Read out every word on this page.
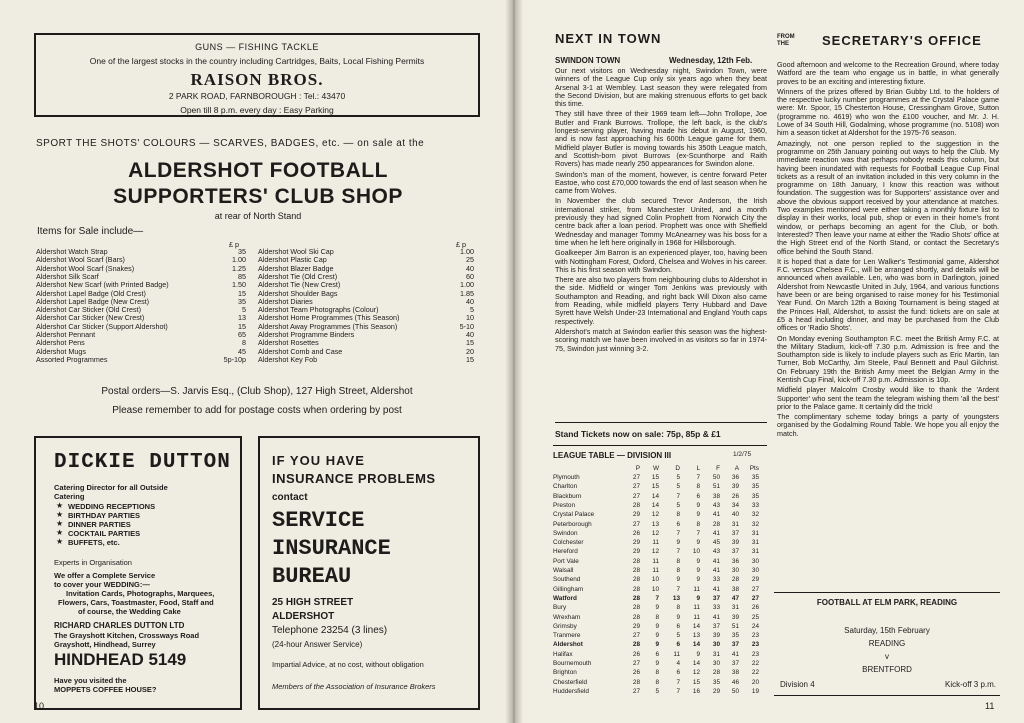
GUNS — FISHING TACKLE
One of the largest stocks in the country including Cartridges, Baits, Local Fishing Permits
RAISON BROS.
2 PARK ROAD, FARNBOROUGH : Tel.: 43470
Open till 8 p.m. every day : Easy Parking
SPORT THE SHOTS' COLOURS — SCARVES, BADGES, etc. — on sale at the
ALDERSHOT FOOTBALL
SUPPORTERS' CLUB SHOP
at rear of North Stand
Items for Sale include—
£ p	£ p
Aldershot Watch Strap	35
Aldershot Wool Scarf (Bars)	1.00
Aldershot Wool Scarf (Snakes)	1.25
Aldershot Silk Scarf	85
Aldershot New Scarf (with Printed Badge)	1.50
Aldershot Lapel Badge (Old Crest)	15
Aldershot Lapel Badge (New Crest)	35
Aldershot Car Sticker (Old Crest)	5
Aldershot Car Sticker (New Crest)	13
Aldershot Car Sticker (Support Aldershot)	15
Aldershot Pennant	65
Aldershot Pens	8
Aldershot Mugs	45
Assorted Programmes	5p-10p
Aldershot Wool Ski Cap	1.00
Aldershot Plastic Cap	25
Aldershot Blazer Badge	40
Aldershot Tie (Old Crest)	60
Aldershot Tie (New Crest)	1.00
Aldershot Shoulder Bags	1.85
Aldershot Diaries	40
Aldershot Team Photographs (Colour)	5
Aldershot Home Programmes (This Season)	10
Aldershot Away Programmes (This Season)	5-10
Aldershot Programme Binders	40
Aldershot Rosettes	15
Aldershot Comb and Case	20
Aldershot Key Fob	15
Postal orders—S. Jarvis Esq., (Club Shop), 127 High Street, Aldershot
Please remember to add for postage costs when ordering by post
DICKIE DUTTON
Catering Director for all Outside
Catering
★ WEDDING RECEPTIONS
★ BIRTHDAY PARTIES
★ DINNER PARTIES
★ COCKTAIL PARTIES
★ BUFFETS, etc.
Experts in Organisation
We offer a Complete Service
to cover your WEDDING:—
Invitation Cards, Photographs, Marquees,
Flowers, Cars, Toastmaster, Food, Staff and
of course, the Wedding Cake
RICHARD CHARLES DUTTON LTD
The Grayshott Kitchen, Crossways Road
Grayshott, Hindhead, Surrey
HINDHEAD 5149
Have you visited the
MOPPETS COFFEE HOUSE?
IF YOU HAVE
INSURANCE PROBLEMS
contact
SERVICE
INSURANCE
BUREAU
25 HIGH STREET
ALDERSHOT
Telephone 23254 (3 lines)
(24-hour Answer Service)
Impartial Advice, at no cost, without obligation
Members of the Association of Insurance Brokers
10
NEXT IN TOWN	FROM
THE	SECRETARY'S OFFICE
SWINDON TOWN	Wednesday, 12th Feb.

Our next visitors on Wednesday night, Swindon Town, were winners of the League Cup only six years ago when they beat Arsenal 3-1 at Wembley. Last season they were relegated from the Second Division, but are making strenuous efforts to get back this time.

They still have three of their 1969 team left—John Trollope, Joe Butler and Frank Burrows. Trollope, the left back, is the club's longest-serving player, having made his debut in August, 1960, and is now fast approaching his 600th League game for them. Midfield player Butler is moving towards his 350th League match, and Scottish-born pivot Burrows (ex-Scunthorpe and Raith Rovers) has made nearly 250 appearances for Swindon alone.

Swindon's man of the moment, however, is centre forward Peter Eastoe, who cost £70,000 towards the end of last season when he came from Wolves.

In November the club secured Trevor Anderson, the Irish international striker, from Manchester United, and a month previously they had signed Colin Prophett from Norwich City the centre back after a loan period. Prophett was once with Sheffield Wednesday and manager Tommy McAnearney was his boss for a time when he left here originally in 1968 for Hillsborough.

Goalkeeper Jim Barron is an experienced player, too, having been with Nottingham Forest, Oxford, Chelsea and Wolves in his career. This is his first season with Swindon.

There are also two players from neighbouring clubs to Aldershot in the side. Midfield or winger Tom Jenkins was previously with Southampton and Reading, and right back Will Dixon also came from Reading, while midfield players Terry Hubbard and Dave Syrett have Welsh Under-23 International and England Youth caps respectively.

Aldershot's match at Swindon earlier this season was the highest-scoring match we have been involved in as visitors so far in 1974-75, Swindon just winning 3-2.

Stand Tickets now on sale: 75p, 85p & £1
LEAGUE TABLE — DIVISION III	1/2/75
P	W	D	L	F	A	Pts
Plymouth	27	15	5	7	50	36	35
Charlton	27	15	5	8	51	39	35
Blackburn	27	14	7	6	38	26	35
Preston	28	14	5	9	43	34	33
Crystal Palace	29	12	8	9	41	40	32
Peterborough	27	13	6	8	28	31	32
Swindon	26	12	7	7	41	37	31
Colchester	29	11	9	9	45	39	31
Hereford	29	12	7	10	43	37	31
Port Vale	28	11	8	9	41	36	30
Walsall	28	11	8	9	41	30	30
Southend	28	10	9	9	33	28	29
Gillingham	28	10	7	11	41	38	27
Watford	28	7	13	9	37	47	27
Bury	28	9	8	11	33	31	26
Wrexham	28	8	9	11	41	39	25
Grimsby	29	9	6	14	37	51	24
Tranmere	27	9	5	13	39	35	23
Aldershot	28	9	6	14	30	37	23
Halifax	26	6	11	9	31	41	23
Bournemouth	27	9	4	14	30	37	22
Brighton	26	8	6	12	28	38	22
Chesterfield	28	8	7	15	35	46	20
Huddersfield	27	5	7	16	29	50	19

Good afternoon and welcome to the Recreation Ground, where today Watford are the team who engage us in battle, in what generally proves to be an exciting and interesting fixture.

Winners of the prizes offered by Brian Gubby Ltd. to the holders of the respective lucky number programmes at the Crystal Palace game were: Mr. Spoor, 15 Chesterton House, Cressingham Grove, Sutton (programme no. 4619) who won the £100 voucher, and Mr. J. H. Lowe of 34 South Hill, Godalming, whose programme (no. 5108) won him a season ticket at Aldershot for the 1975-76 season.

Amazingly, not one person replied to the suggestion in the programme on 25th January pointing out ways to help the Club. My immediate reaction was that perhaps nobody reads this column, but having been inundated with requests for Football League Cup Final tickets as a result of an invitation included in this very column in the programme on 18th January, I know this reaction was without foundation. The suggestion was for Supporters' assistance over and above the obvious support received by your attendance at matches. Two examples mentioned were either taking a monthly fixture list to display in their works, local pub, shop or even in their home's front window, or perhaps becoming an agent for the Club, or both. Interested? Then leave your name at either the 'Radio Shots' office at the High Street end of the North Stand, or contact the Secretary's office behind the South Stand.

It is hoped that a date for Len Walker's Testimonial game, Aldershot F.C. versus Chelsea F.C., will be arranged shortly, and details will be announced when available. Len, who was born in Darlington, joined Aldershot from Newcastle United in July, 1964, and various functions have been or are being organised to raise money for his Testimonial Year Fund. On March 12th a Boxing Tournament is being staged at the Princes Hall, Aldershot, to assist the fund: tickets are on sale at £5 a head including dinner, and may be purchased from the Club offices or 'Radio Shots'.

On Monday evening Southampton F.C. meet the British Army F.C. at the Military Stadium, kick-off 7.30 p.m. Admission is free and the Southampton side is likely to include players such as Eric Martin, Ian Turner, Bob McCarthy, Jim Steele, Paul Bennett and Paul Gilchrist. On February 19th the British Army meet the Belgian Army in the Kentish Cup Final, kick-off 7.30 p.m. Admission is 10p.

Midfield player Malcolm Crosby would like to thank the 'Ardent Supporter' who sent the team the telegram wishing them 'all the best' prior to the Palace game. It certainly did the trick!

The complimentary scheme today brings a party of youngsters organised by the Godalming Round Table. We hope you all enjoy the match.

FOOTBALL AT ELM PARK, READING
Saturday, 15th February
READING
v
BRENTFORD
Division 4	Kick-off 3 p.m.
11
